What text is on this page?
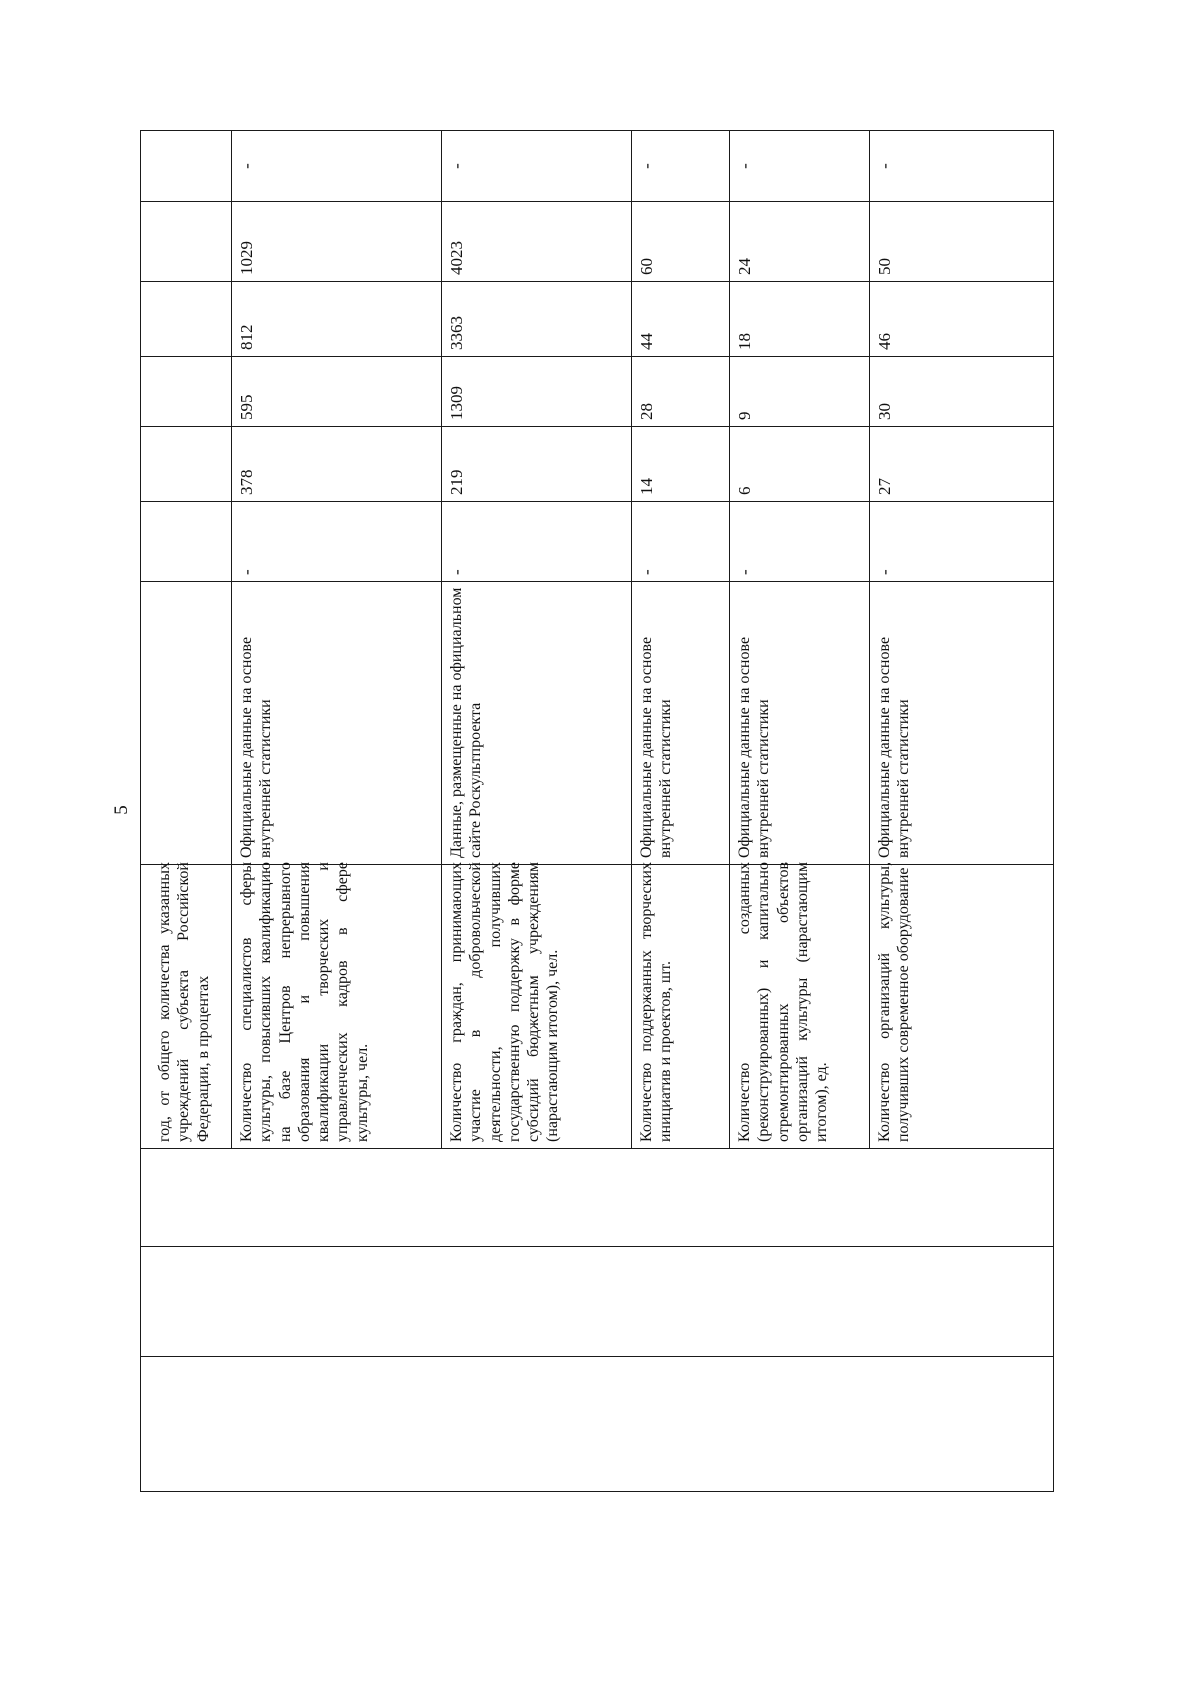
5
год, от общего количества указанных учреждений субъекта Российской Федерации, в процентах	Количество специалистов сферы культуры, повысивших квалификацию на базе Центров непрерывного образования и повышения квалификации творческих и управленческих кадров в сфере культуры, чел.
Официальные данные на основе внутренней статистики
-
378
595
812
1029
-
Количество граждан, принимающих участие в добровольческой деятельности, получивших государственную поддержку в форме субсидий бюджетным учреждениям (нарастающим итогом), чел.
Данные, размещенные на официальном сайте Роскультпроекта
-
219
1309
3363
4023
-
Количество поддержанных творческих инициатив и проектов, шт.
Официальные данные на основе внутренней статистики
-
14
28
44
60
-
Количество созданных (реконструированных) и капитально отремонтированных объектов организаций культуры (нарастающим итогом), ед.
Официальные данные на основе внутренней статистики
-
6
9
18
24
-
Количество организаций культуры, получивших современное оборудование
Официальные данные на основе внутренней статистики
-
27
30
46
50
-
